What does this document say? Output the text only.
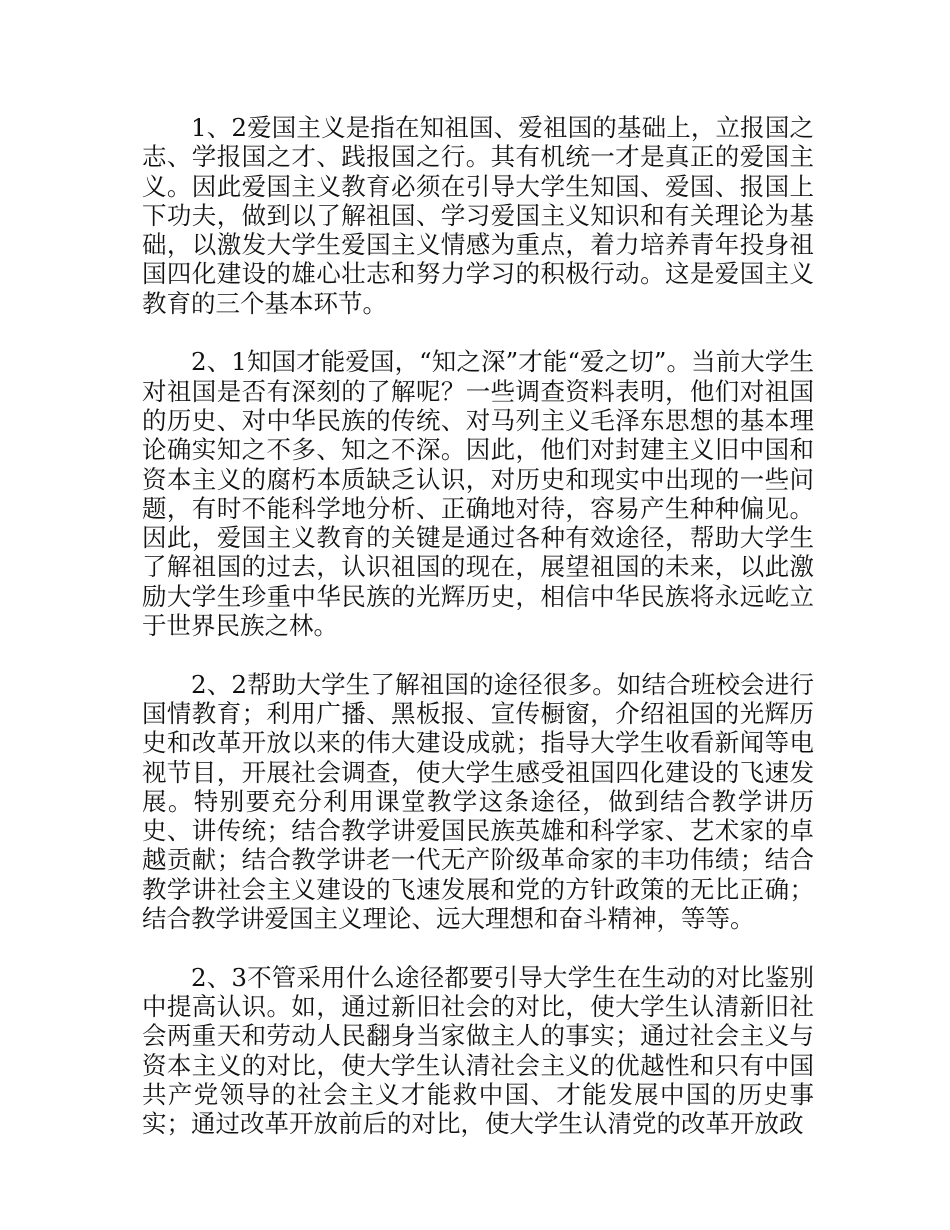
1、2爱国主义是指在知祖国、爱祖国的基础上，立报国之志、学报国之才、践报国之行。其有机统一才是真正的爱国主义。因此爱国主义教育必须在引导大学生知国、爱国、报国上下功夫，做到以了解祖国、学习爱国主义知识和有关理论为基础，以激发大学生爱国主义情感为重点，着力培养青年投身祖国四化建设的雄心壮志和努力学习的积极行动。这是爱国主义教育的三个基本环节。

2、1知国才能爱国，“知之深”才能“爱之切”。当前大学生对祖国是否有深刻的了解呢？一些调查资料表明，他们对祖国的历史、对中华民族的传统、对马列主义毛泽东思想的基本理论确实知之不多、知之不深。因此，他们对封建主义旧中国和资本主义的腐朽本质缺乏认识，对历史和现实中出现的一些问题，有时不能科学地分析、正确地对待，容易产生种种偏见。因此，爱国主义教育的关键是通过各种有效途径，帮助大学生了解祖国的过去，认识祖国的现在，展望祖国的未来，以此激励大学生珍重中华民族的光辉历史，相信中华民族将永远屹立于世界民族之林。

2、2帮助大学生了解祖国的途径很多。如结合班校会进行国情教育；利用广播、黑板报、宣传橱窗，介绍祖国的光辉历史和改革开放以来的伟大建设成就；指导大学生收看新闻等电视节目，开展社会调查，使大学生感受祖国四化建设的飞速发展。特别要充分利用课堂教学这条途径，做到结合教学讲历史、讲传统；结合教学讲爱国民族英雄和科学家、艺术家的卓越贡献；结合教学讲老一代无产阶级革命家的丰功伟绩；结合教学讲社会主义建设的飞速发展和党的方针政策的无比正确；结合教学讲爱国主义理论、远大理想和奋斗精神，等等。

2、3不管采用什么途径都要引导大学生在生动的对比鉴别中提高认识。如，通过新旧社会的对比，使大学生认清新旧社会两重天和劳动人民翻身当家做主人的事实；通过社会主义与资本主义的对比，使大学生认清社会主义的优越性和只有中国共产党领导的社会主义才能救中国、才能发展中国的历史事实；通过改革开放前后的对比，使大学生认清党的改革开放政
